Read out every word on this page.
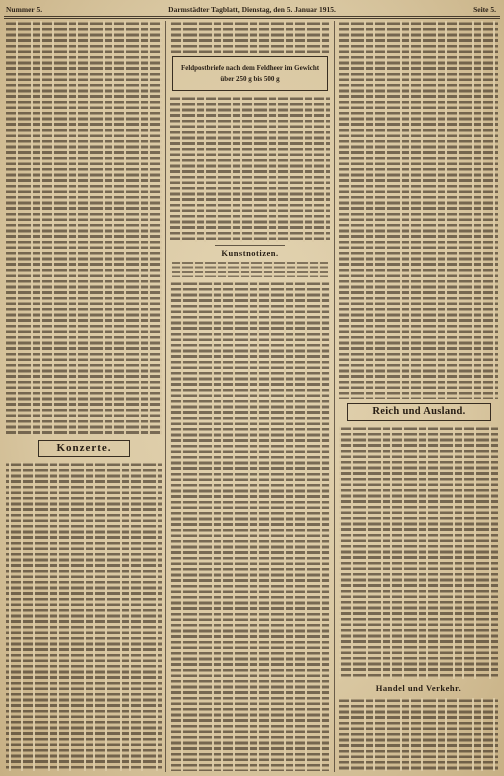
Nummer 5.	Darmstädter Tagblatt, Dienstag, den 5. Januar 1915.	Seite 5.
Konzerte.
Feldpostbriefe nach dem Feldheer im Gewicht
über 250 g bis 500 g
Kunstnotizen.
Reich und Ausland.
Handel und Verkehr.
